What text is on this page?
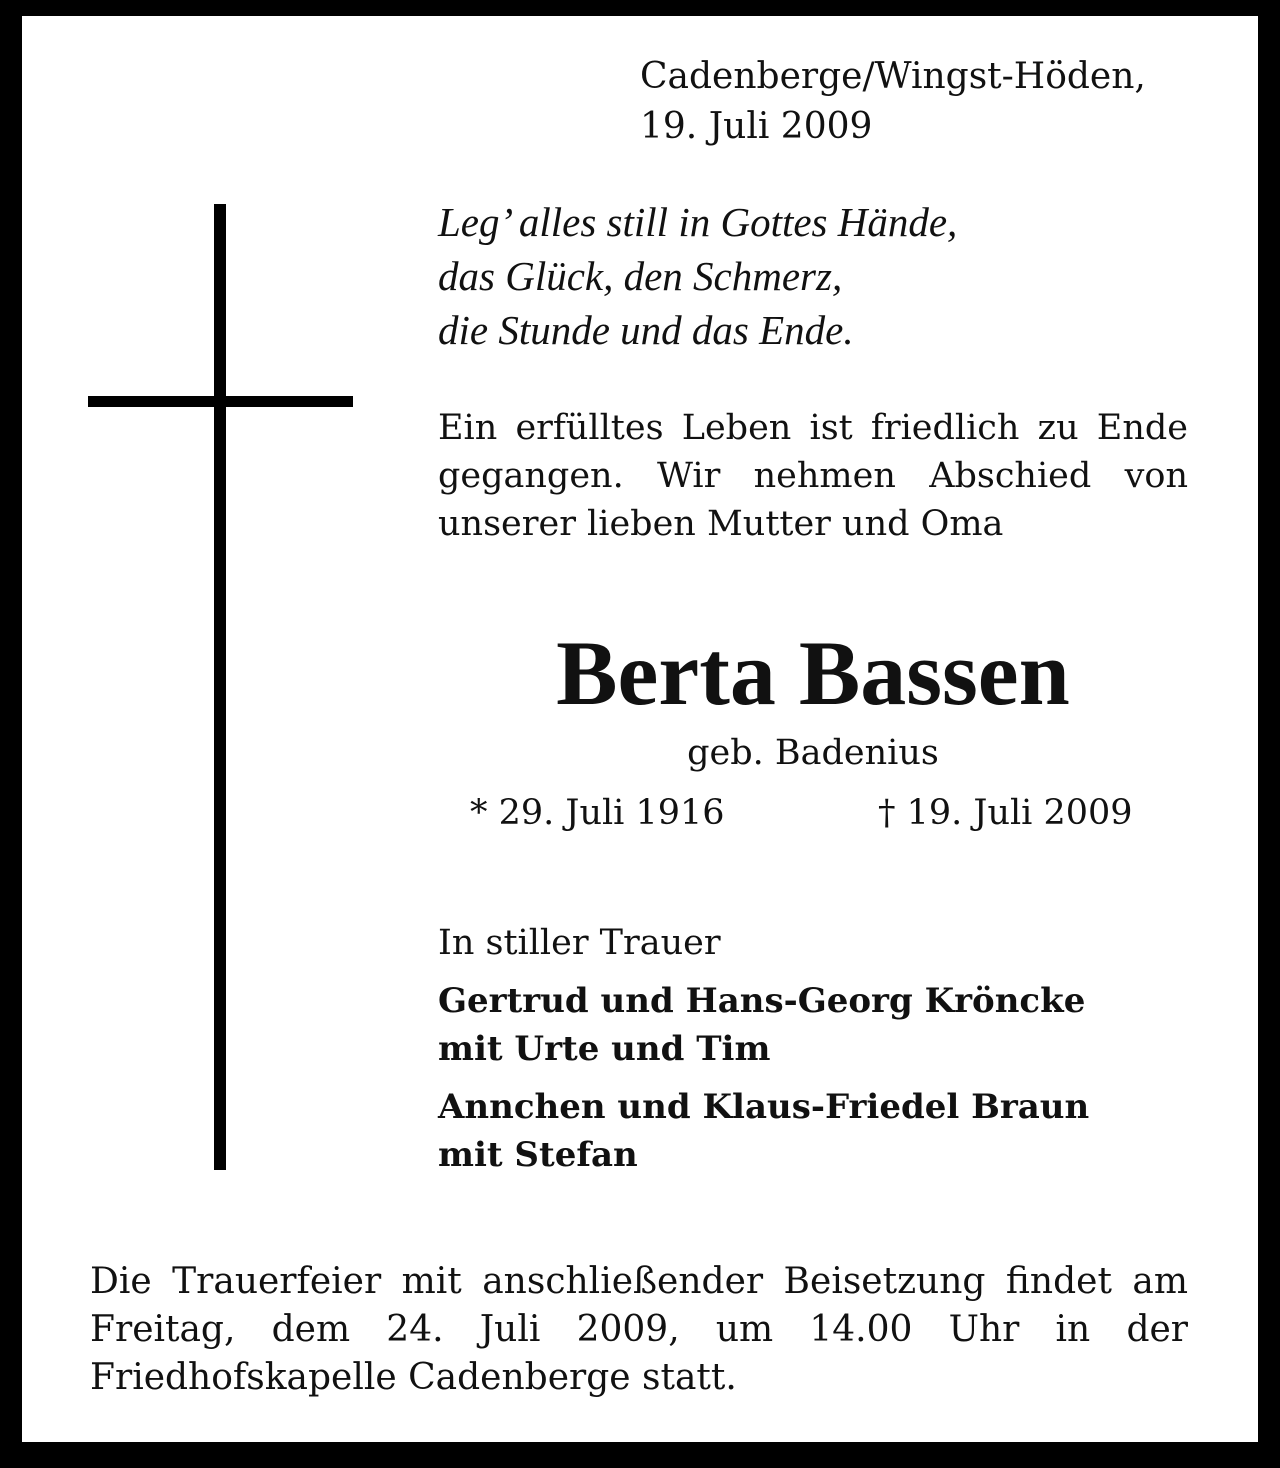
Cadenberge/Wingst-Höden,
19. Juli 2009
Leg’ alles still in Gottes Hände,
das Glück, den Schmerz,
die Stunde und das Ende.
Ein erfülltes Leben ist friedlich zu Ende gegangen. Wir nehmen Abschied von unserer lieben Mutter und Oma
Berta Bassen
geb. Badenius
* 29. Juli 1916	† 19. Juli 2009
In stiller Trauer
Gertrud und Hans-Georg Kröncke
mit Urte und Tim
Annchen und Klaus-Friedel Braun
mit Stefan
Die Trauerfeier mit anschließender Beisetzung findet am Freitag, dem 24. Juli 2009, um 14.00 Uhr in der Friedhofskapelle Cadenberge statt.
